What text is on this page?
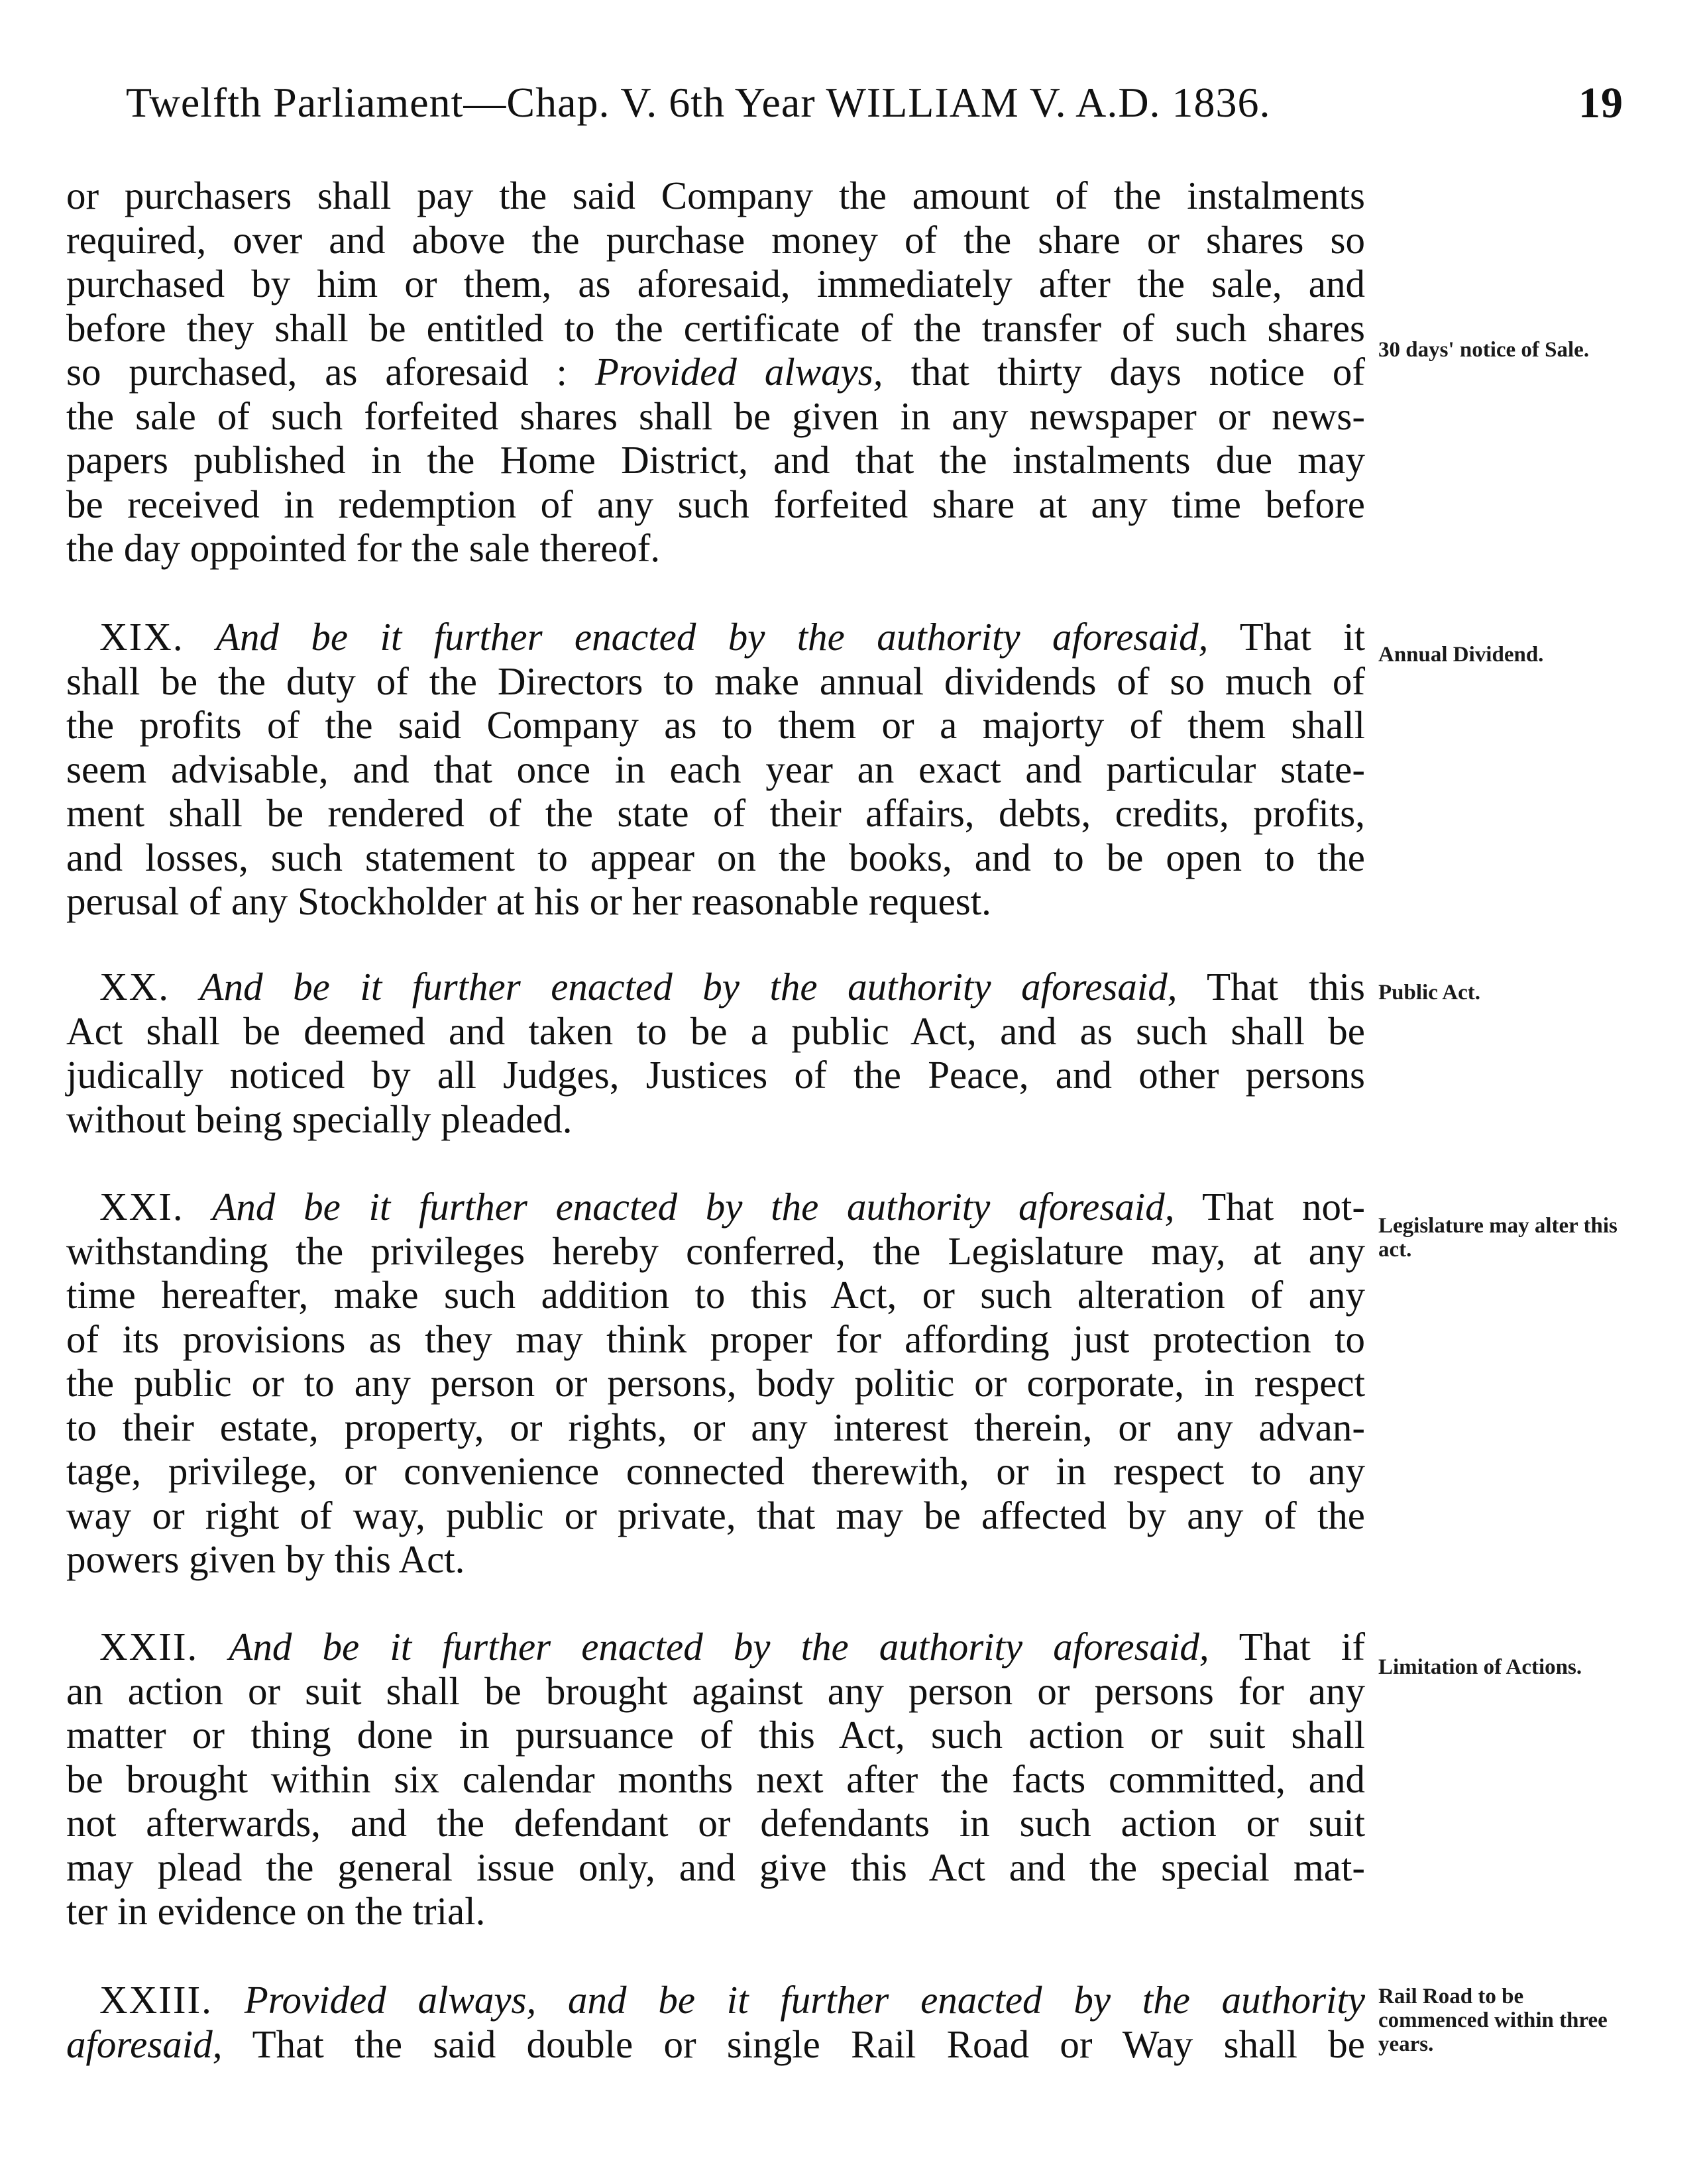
Twelfth Parliament—Chap. V. 6th Year WILLIAM V. A.D. 1836.	19
or purchasers shall pay the said Company the amount of the instalments
required, over and above the purchase money of the share or shares so
purchased by him or them, as aforesaid, immediately after the sale, and
before they shall be entitled to the certificate of the transfer of such shares
so purchased, as aforesaid : Provided always, that thirty days notice of
the sale of such forfeited shares shall be given in any newspaper or news-
papers published in the Home District, and that the instalments due may
be received in redemption of any such forfeited share at any time before
the day oppointed for the sale thereof.
30 days' notice of Sale.
XIX. And be it further enacted by the authority aforesaid, That it
shall be the duty of the Directors to make annual dividends of so much of
the profits of the said Company as to them or a majorty of them shall
seem advisable, and that once in each year an exact and particular state-
ment shall be rendered of the state of their affairs, debts, credits, profits,
and losses, such statement to appear on the books, and to be open to the
perusal of any Stockholder at his or her reasonable request.
Annual Dividend.
XX. And be it further enacted by the authority aforesaid, That this
Act shall be deemed and taken to be a public Act, and as such shall be
judically noticed by all Judges, Justices of the Peace, and other persons
without being specially pleaded.
Public Act.
XXI. And be it further enacted by the authority aforesaid, That not-
withstanding the privileges hereby conferred, the Legislature may, at any
time hereafter, make such addition to this Act, or such alteration of any
of its provisions as they may think proper for affording just protection to
the public or to any person or persons, body politic or corporate, in respect
to their estate, property, or rights, or any interest therein, or any advan-
tage, privilege, or convenience connected therewith, or in respect to any
way or right of way, public or private, that may be affected by any of the
powers given by this Act.
Legislature may alter this act.
XXII. And be it further enacted by the authority aforesaid, That if
an action or suit shall be brought against any person or persons for any
matter or thing done in pursuance of this Act, such action or suit shall
be brought within six calendar months next after the facts committed, and
not afterwards, and the defendant or defendants in such action or suit
may plead the general issue only, and give this Act and the special mat-
ter in evidence on the trial.
Limitation of Actions.
XXIII. Provided always, and be it further enacted by the authority
aforesaid, That the said double or single Rail Road or Way shall be
Rail Road to be commenced within three years.
